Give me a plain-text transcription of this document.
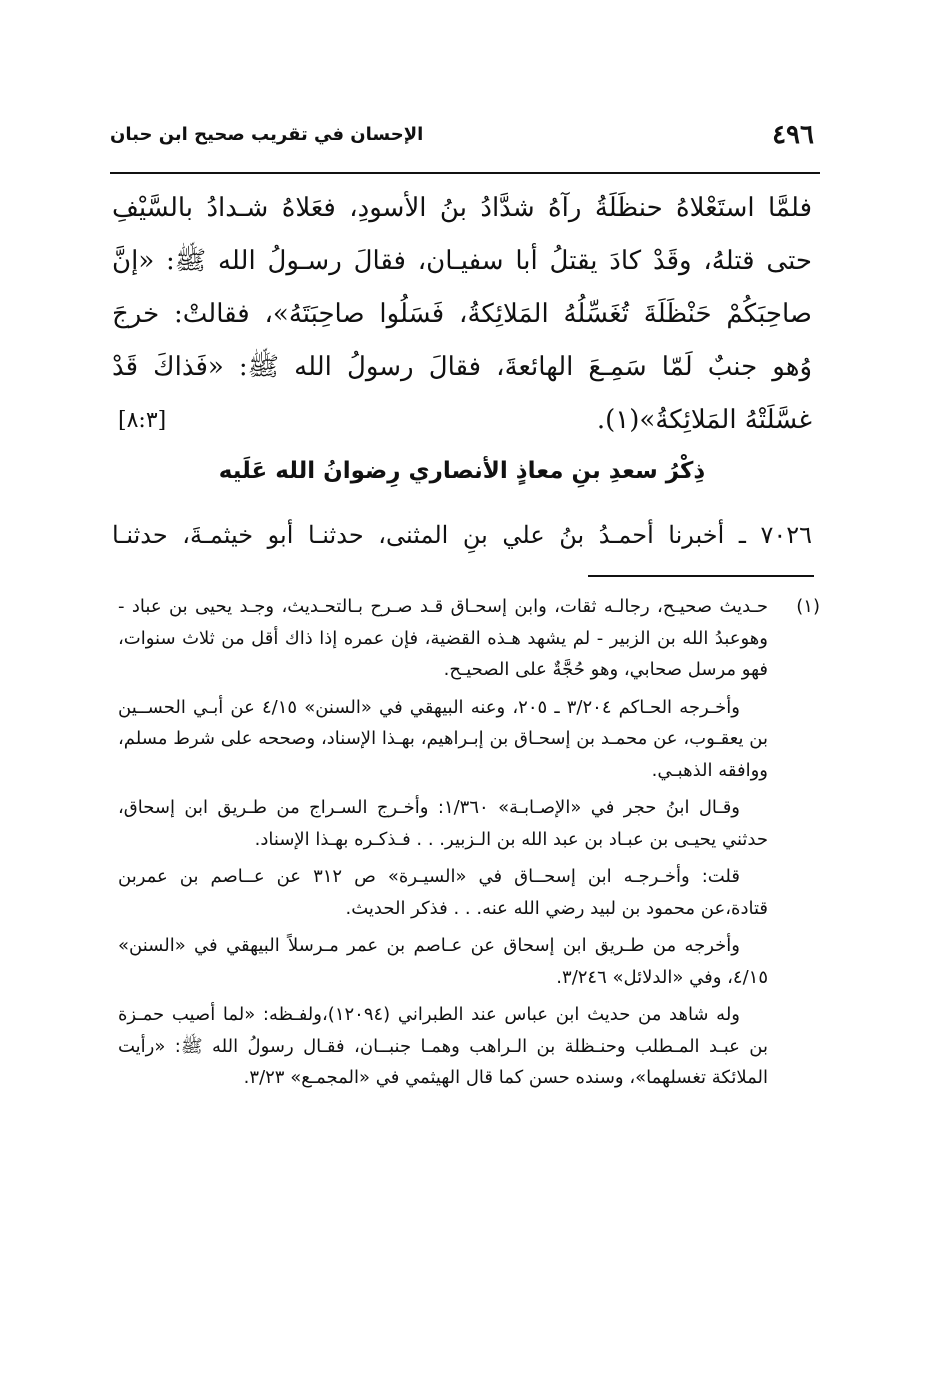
٤٩٦
الإحسان في تقريب صحيح ابن حبان

فلمَّا استَعْلاهُ حنظَلَةُ رآهُ شدَّادُ بنُ الأسودِ، فعَلاهُ شـدادُ بالسَّيْفِ حتى قتلهُ، وقَدْ كادَ يقتلُ أبا سفيـان، فقالَ رسـولُ الله ﷺ: «إنَّ صاحِبَكُمْ حَنْظَلَةَ تُغَسِّلُهُ المَلائِكةُ، فَسَلُوا صاحِبَتَهُ»، فقالتْ: خرجَ وُهو جنبٌ لَمّا سَمِـعَ الهائعةَ، فقالَ رسولُ الله ﷺ: «فَذاكَ قَدْ غسَّلَتْهُ المَلائِكةُ»(١).

[٨:٣]
ذِكْرُ سعدِ بنِ معاذٍ الأنصاري رِضوانُ الله عَلَيه

٧٠٢٦ ـ أخبرنا أحمـدُ بنُ علي بنِ المثنى، حدثنـا أبو خيثمـةَ، حدثنـا

(١)

حـديث صحيـح، رجالـه ثقات، وابن إسحـاق قـد صـرح بـالتحـديث، وجـد يحيى بن عباد - وهوعبدُ الله بن الزبير - لم يشهد هـذه القضية، فإن عمره إذا ذاك أقل من ثلاث سنوات، فهو مرسل صحابي، وهو حُجَّةٌ على الصحيـح.

وأخـرجه الحـاكم ٣/٢٠٤ ـ ٢٠٥، وعنه البيهقي في «السنن» ٤/١٥ عن أبـي الحســين بن يعقـوب، عن محمـد بن إسحـاق بن إبـراهيم، بهـذا الإسناد، وصححه على شرط مسلم، ووافقه الذهبـي.

وقـال ابنُ حجر في «الإصـابـة» ١/٣٦٠: وأخـرج السـراج من طـريق ابن إسحاق، حدثني يحيـى بن عبـاد بن عبد الله بن الـزبير. . . فـذكـره بهـذا الإسناد.

قلت: وأخـرجـه ابن إسحــاق في «السيـرة» ص ٣١٢ عن عــاصم بن عمربن قتادة،عن محمود بن لبيد رضي الله عنه. . . فذكر الحديث.

وأخرجه من طـريق ابن إسحاق عن عـاصم بن عمر مـرسلاً البيهقي في «السنن» ٤/١٥، وفي «الدلائل» ٣/٢٤٦.

وله شاهد من حديث ابن عباس عند الطبراني (١٢٠٩٤)،ولفـظه: «لما أصيب حمـزة بن عبـد المـطلب وحنـظلة بن الـراهب وهمـا جنبــان، فقـال رسولُ الله ﷺ: «رأيت الملائكة تغسلهما»، وسنده حسن كما قال الهيثمي في «المجمـع» ٣/٢٣.
